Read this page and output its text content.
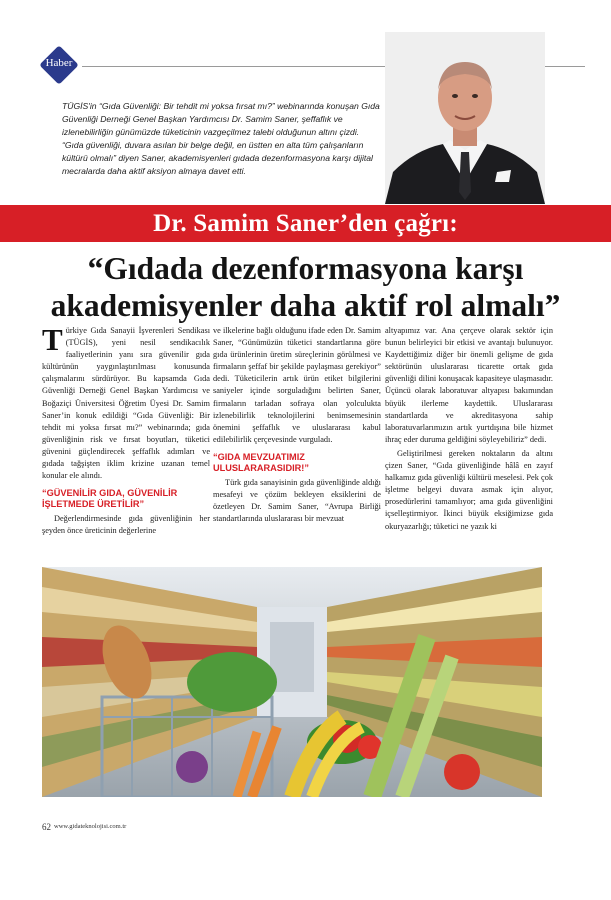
Haber
TÜGİS'in “Gıda Güvenliği: Bir tehdit mi yoksa fırsat mı?” webinarında konuşan Gıda Güvenliği Derneği Genel Başkan Yardımcısı Dr. Samim Saner, şeffaflık ve izlenebilirliğin günümüzde tüketicinin vazgeçilmez talebi olduğunun altını çizdi. “Gıda güvenliği, duvara asılan bir belge değil, en üstten en alta tüm çalışanların kültürü olmalı” diyen Saner, akademisyenleri gıdada dezenformasyona karşı dijital mecralarda daha aktif aksiyon almaya davet etti.
Dr. Samim Saner’den çağrı:
“Gıdada dezenformasyona karşı akademisyenler daha aktif rol almalı”

Türkiye Gıda Sanayii İşverenleri Sendikası (TÜGİS), yeni nesil sendikacılık faaliyetlerinin yanı sıra güvenilir gıda kültürünün yaygınlaştırılması konusunda çalışmalarını sürdürüyor. Bu kapsamda Gıda Güvenliği Derneği Genel Başkan Yardımcısı ve Boğaziçi Üniversitesi Öğretim Üyesi Dr. Samim Saner’in konuk edildiği “Gıda Güvenliği: Bir tehdit mi yoksa fırsat mı?” webinarında; gıda güvenliğinin risk ve fırsat boyutları, tüketici güvenini güçlendirecek şeffaflık adımları ve gıdada tağşişten iklim krizine uzanan temel konular ele alındı.

“GÜVENİLİR GIDA, GÜVENİLİR İŞLETMEDE ÜRETİLİR”

Değerlendirmesinde gıda güvenliğinin her şeyden önce üreticinin değerlerine

ve ilkelerine bağlı olduğunu ifade eden Dr. Samim Saner, “Günümüzün tüketici standartlarına göre gıda ürünlerinin üretim süreçlerinin görülmesi ve firmaların şeffaf bir şekilde paylaşması gerekiyor” dedi. Tüketicilerin artık ürün etiket bilgilerini saniyeler içinde sorguladığını belirten Saner, firmaların tarladan sofraya olan yolculukta izlenebilirlik teknolojilerini benimsemesinin önemini şeffaflık ve uluslararası kabul edilebilirlik çerçevesinde vurguladı.

“GIDA MEVZUATIMIZ ULUSLARARASIDIR!”

Türk gıda sanayisinin gıda güvenliğinde aldığı mesafeyi ve çözüm bekleyen eksiklerini de özetleyen Dr. Samim Saner, “Avrupa Birliği standartlarında uluslararası bir mevzuat

altyapımız var. Ana çerçeve olarak sektör için bunun belirleyici bir etkisi ve avantajı bulunuyor. Kaydettiğimiz diğer bir önemli gelişme de gıda sektörünün uluslararası ticarette ortak gıda güvenliği dilini konuşacak kapasiteye ulaşmasıdır. Üçüncü olarak laboratuvar altyapısı bakımından büyük ilerleme kaydettik. Uluslararası standartlarda ve akreditasyona sahip laboratuvarlarımızın artık yurtdışına bile hizmet ihraç eder duruma geldiğini söyleyebiliriz” dedi.

Geliştirilmesi gereken noktaların da altını çizen Saner, “Gıda güvenliğinde hâlâ en zayıf halkamız gıda güvenliği kültürü meselesi. Pek çok işletme belgeyi duvara asmak için alıyor, prosedürlerini tamamlıyor; ama gıda güvenliğini içselleştirmiyor. İkinci büyük eksiğimizse gıda okuryazarlığı; tüketici ne yazık ki

62 www.gidateknolojisi.com.tr
